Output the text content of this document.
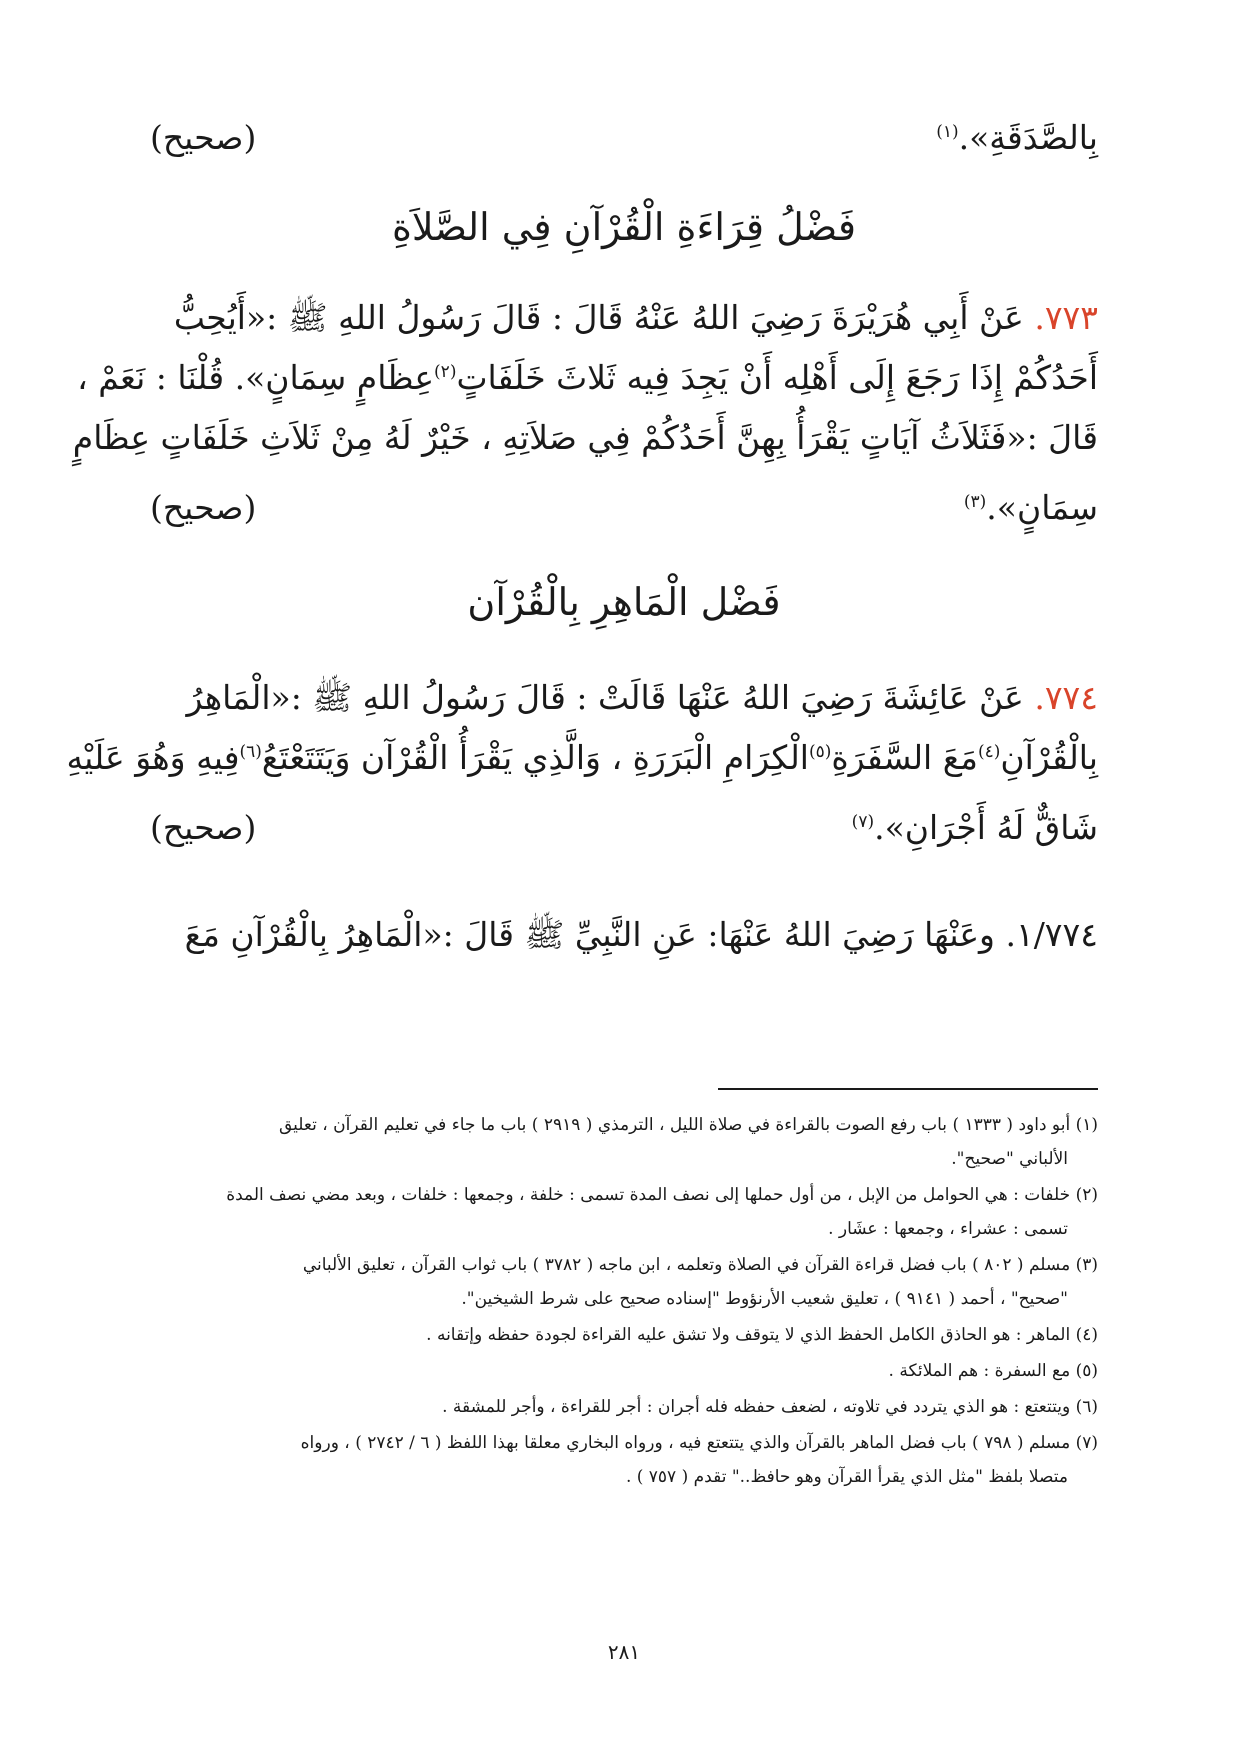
بِالصَّدَقَةِ».$^{(١)}$
(صحيح)
فَضْلُ قِرَاءَةِ الْقُرْآنِ فِي الصَّلاَةِ
٧٧٣. عَنْ أَبِي هُرَيْرَةَ رَضِيَ اللهُ عَنْهُ قَالَ : قَالَ رَسُولُ اللهِ ﷺ :«أَيُحِبُّ
أَحَدُكُمْ إِذَا رَجَعَ إِلَى أَهْلِه أَنْ يَجِدَ فِيه ثَلاثَ خَلَفَاتٍ$^{(٢)}$عِظَامٍ سِمَانٍ». قُلْنَا : نَعَمْ ،
قَالَ :«فَثَلاَثُ آيَاتٍ يَقْرَأُ بِهِنَّ أَحَدُكُمْ فِي صَلاَتِهِ ، خَيْرٌ لَهُ مِنْ ثَلاَثِ خَلَفَاتٍ عِظَامٍ
سِمَانٍ».$^{(٣)}$
(صحيح)
فَضْل الْمَاهِرِ بِالْقُرْآن
٧٧٤. عَنْ عَائِشَةَ رَضِيَ اللهُ عَنْهَا قَالَتْ : قَالَ رَسُولُ اللهِ ﷺ :«الْمَاهِرُ
بِالْقُرْآنِ$^{(٤)}$مَعَ السَّفَرَةِ$^{(٥)}$الْكِرَامِ الْبَرَرَةِ ، وَالَّذِي يَقْرَأُ الْقُرْآن وَيَتَتَعْتَعُ$^{(٦)}$فِيهِ وَهُوَ عَلَيْهِ
شَاقٌّ لَهُ أَجْرَانِ».$^{(٧)}$
(صحيح)
١/٧٧٤. وعَنْهَا رَضِيَ اللهُ عَنْهَا: عَنِ النَّبِيِّ ﷺ قَالَ :«الْمَاهِرُ بِالْقُرْآنِ مَعَ
(١) أبو داود ( ١٣٣٣ ) باب رفع الصوت بالقراءة في صلاة الليل ، الترمذي ( ٢٩١٩ ) باب ما جاء في تعليم القرآن ، تعليق
الألباني "صحيح".
(٢) خلفات : هي الحوامل من الإبل ، من أول حملها إلى نصف المدة تسمى : خلفة ، وجمعها : خلفات ، وبعد مضي نصف المدة
تسمى : عشراء ، وجمعها : عشَار .
(٣) مسلم ( ٨٠٢ ) باب فضل قراءة القرآن في الصلاة وتعلمه ، ابن ماجه ( ٣٧٨٢ ) باب ثواب القرآن ، تعليق الألباني
"صحيح" ، أحمد ( ٩١٤١ ) ، تعليق شعيب الأرنؤوط "إسناده صحيح على شرط الشيخين".
(٤) الماهر : هو الحاذق الكامل الحفظ الذي لا يتوقف ولا تشق عليه القراءة لجودة حفظه وإتقانه .
(٥) مع السفرة : هم الملائكة .
(٦) ويتتعتع : هو الذي يتردد في تلاوته ، لضعف حفظه فله أجران : أجر للقراءة ، وأجر للمشقة .
(٧) مسلم ( ٧٩٨ ) باب فضل الماهر بالقرآن والذي يتتعتع فيه ، ورواه البخاري معلقا بهذا اللفظ ( ٦ / ٢٧٤٢ ) ، ورواه
متصلا بلفظ "مثل الذي يقرأ القرآن وهو حافظ.." تقدم ( ٧٥٧ ) .
٢٨١
